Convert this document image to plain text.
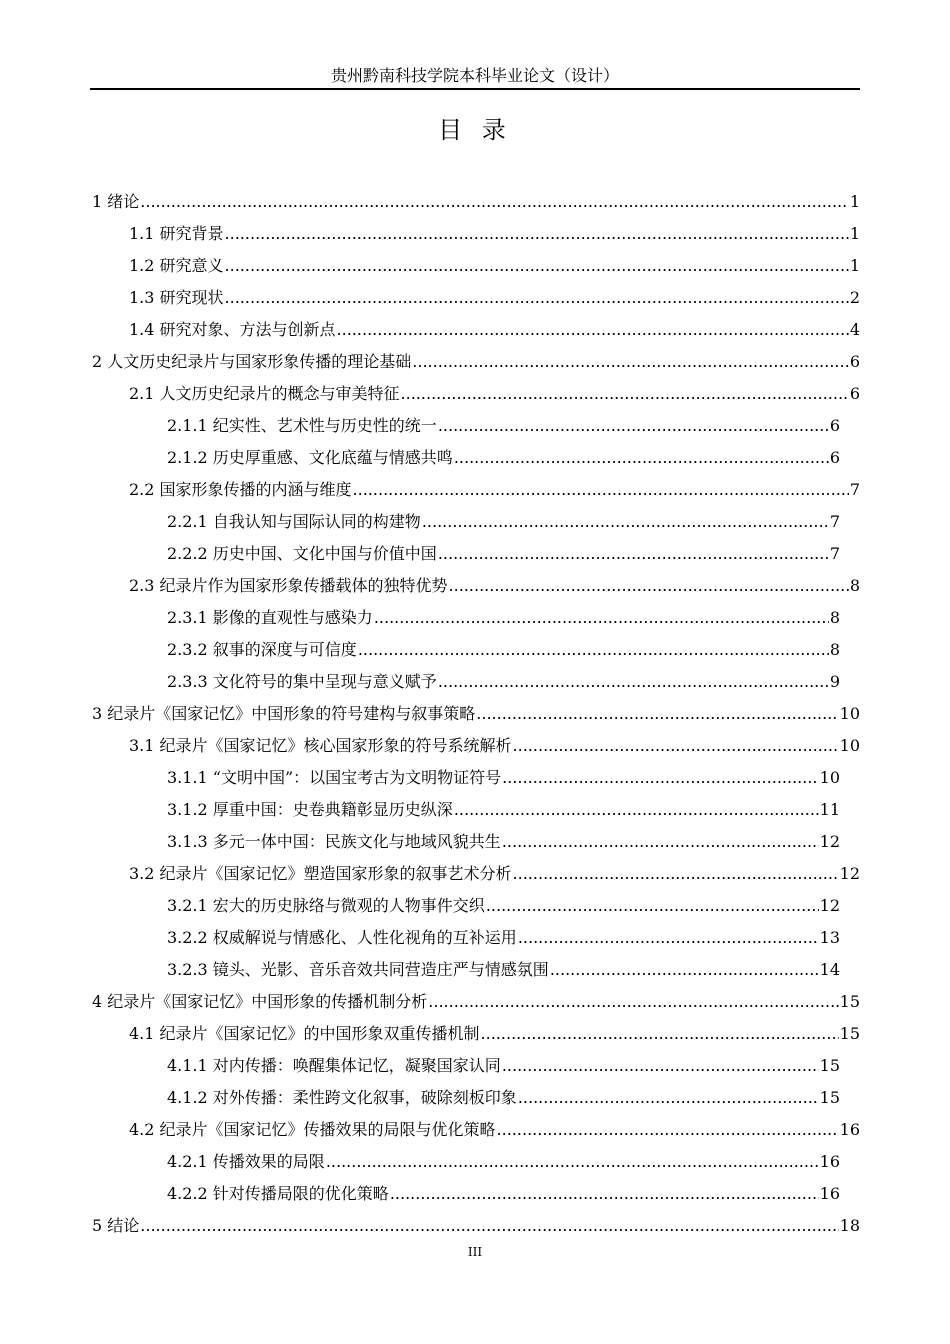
贵州黔南科技学院本科毕业论文（设计）
目 录
1 绪论 .....	1
1.1 研究背景 .....	1
1.2 研究意义 .....	1
1.3 研究现状 .....	2
1.4 研究对象、方法与创新点 .....	4
2 人文历史纪录片与国家形象传播的理论基础 .....	6
2.1 人文历史纪录片的概念与审美特征 .....	6
2.1.1 纪实性、艺术性与历史性的统一 .....	6
2.1.2 历史厚重感、文化底蕴与情感共鸣 .....	6
2.2 国家形象传播的内涵与维度 .....	7
2.2.1 自我认知与国际认同的构建物 .....	7
2.2.2 历史中国、文化中国与价值中国 .....	7
2.3 纪录片作为国家形象传播载体的独特优势 .....	8
2.3.1 影像的直观性与感染力 .....	8
2.3.2 叙事的深度与可信度 .....	8
2.3.3 文化符号的集中呈现与意义赋予 .....	9
3 纪录片《国家记忆》中国形象的符号建构与叙事策略 .....	10
3.1 纪录片《国家记忆》核心国家形象的符号系统解析 .....	10
3.1.1 “文明中国”：以国宝考古为文明物证符号 .....	10
3.1.2 厚重中国：史卷典籍彰显历史纵深 .....	11
3.1.3 多元一体中国：民族文化与地域风貌共生 .....	12
3.2 纪录片《国家记忆》塑造国家形象的叙事艺术分析 .....	12
3.2.1 宏大的历史脉络与微观的人物事件交织 .....	12
3.2.2 权威解说与情感化、人性化视角的互补运用 .....	13
3.2.3 镜头、光影、音乐音效共同营造庄严与情感氛围 .....	14
4 纪录片《国家记忆》中国形象的传播机制分析 .....	15
4.1 纪录片《国家记忆》的中国形象双重传播机制 .....	15
4.1.1 对内传播：唤醒集体记忆，凝聚国家认同 .....	15
4.1.2 对外传播：柔性跨文化叙事，破除刻板印象 .....	15
4.2 纪录片《国家记忆》传播效果的局限与优化策略 .....	16
4.2.1 传播效果的局限 .....	16
4.2.2 针对传播局限的优化策略 .....	16
5 结论 .....	18
III
